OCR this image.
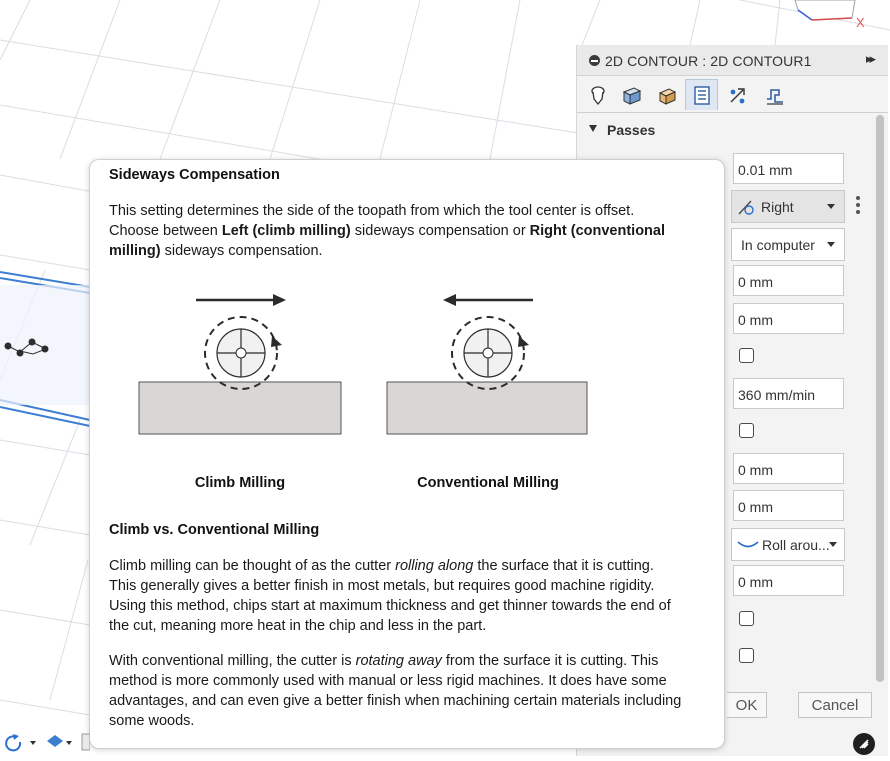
X
2D CONTOUR : 2D CONTOUR1	▸▸
Passes
OK	Cancel
0.01 mm
Right
In computer
0 mm
0 mm
360 mm/min
0 mm
0 mm
Roll arou...
0 mm
Sideways Compensation
This setting determines the side of the toopath from which the tool center is offset.
Choose between Left (climb milling) sideways compensation or Right (conventional
milling) sideways compensation.
Climb Milling	Conventional Milling
Climb vs. Conventional Milling
Climb milling can be thought of as the cutter rolling along the surface that it is cutting.
This generally gives a better finish in most metals, but requires good machine rigidity.
Using this method, chips start at maximum thickness and get thinner towards the end of
the cut, meaning more heat in the chip and less in the part.
With conventional milling, the cutter is rotating away from the surface it is cutting. This
method is more commonly used with manual or less rigid machines. It does have some
advantages, and can even give a better finish when machining certain materials including
some woods.
